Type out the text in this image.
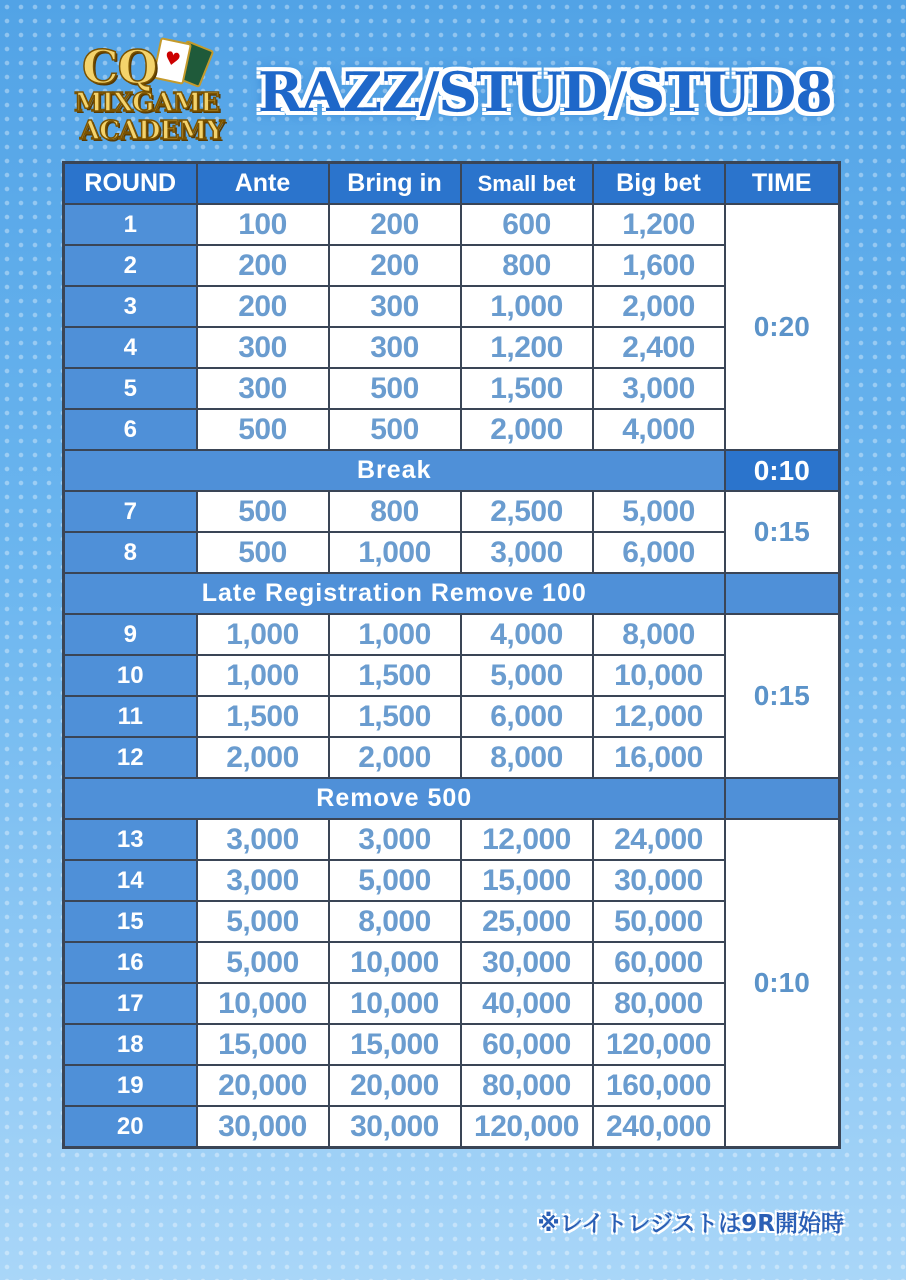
♥
CQ
MIXGAME
ACADEMY
RAZZ/STUD/STUD8
ROUND	Ante	Bring in	Small bet	Big bet	TIME
1	100	200	600	1,200	0:20
2	200	200	800	1,600	
3	200	300	1,000	2,000	
4	300	300	1,200	2,400	
5	300	500	1,500	3,000	
6	500	500	2,000	4,000	
Break					0:10
7	500	800	2,500	5,000	0:15
8	500	1,000	3,000	6,000	
Late Registration Remove 100					
9	1,000	1,000	4,000	8,000	0:15
10	1,000	1,500	5,000	10,000	
11	1,500	1,500	6,000	12,000	
12	2,000	2,000	8,000	16,000	
Remove 500					
13	3,000	3,000	12,000	24,000	0:10
14	3,000	5,000	15,000	30,000	
15	5,000	8,000	25,000	50,000	
16	5,000	10,000	30,000	60,000	
17	10,000	10,000	40,000	80,000	
18	15,000	15,000	60,000	120,000	
19	20,000	20,000	80,000	160,000	
20	30,000	30,000	120,000	240,000	
※レイトレジストは9R開始時
